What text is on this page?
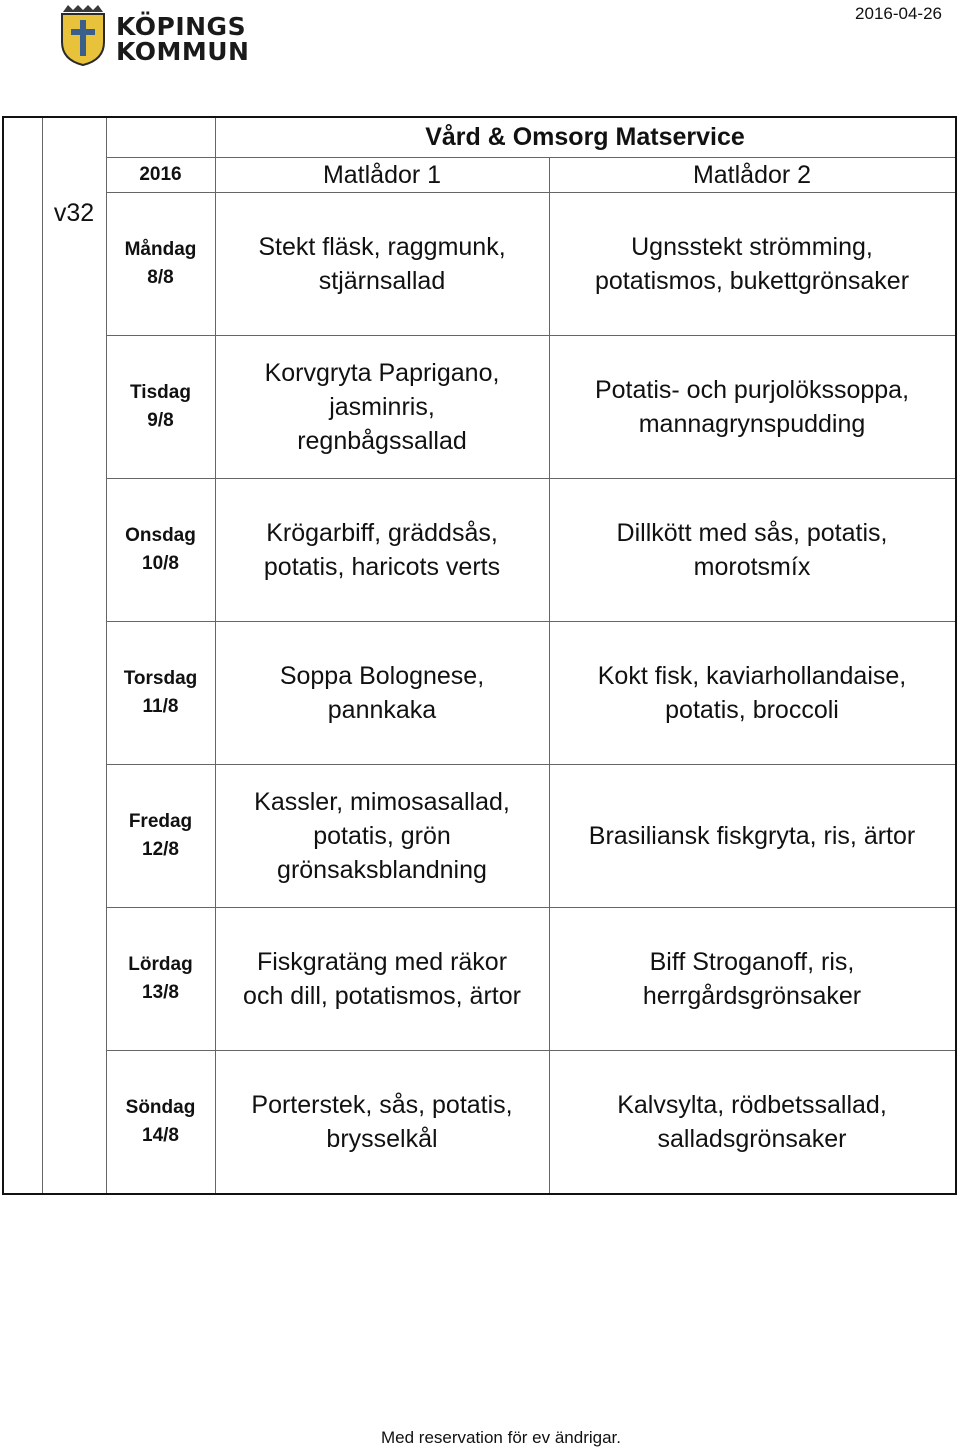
KÖPINGS
KOMMUN
2016-04-26
Vård & Omsorg Matservice
2016	Matlådor 1	Matlådor 2
v32
Måndag
8/8
Stekt fläsk, raggmunk,
stjärnsallad
Ugnsstekt strömming,
potatismos, bukettgrönsaker
Tisdag
9/8
Korvgryta Paprigano,
jasminris,
regnbågssallad
Potatis- och purjolökssoppa,
mannagrynspudding
Onsdag
10/8
Krögarbiff, gräddsås,
potatis, haricots verts
Dillkött med sås, potatis,
morotsmíx
Torsdag
11/8
Soppa Bolognese,
pannkaka
Kokt fisk, kaviarhollandaise,
potatis, broccoli
Fredag
12/8
Kassler, mimosasallad,
potatis, grön
grönsaksblandning
Brasiliansk fiskgryta, ris, ärtor
Lördag
13/8
Fiskgratäng med räkor
och dill, potatismos, ärtor
Biff Stroganoff, ris,
herrgårdsgrönsaker
Söndag
14/8
Porterstek, sås, potatis,
brysselkål
Kalvsylta, rödbetssallad,
salladsgrönsaker
Med reservation för ev ändrigar.
